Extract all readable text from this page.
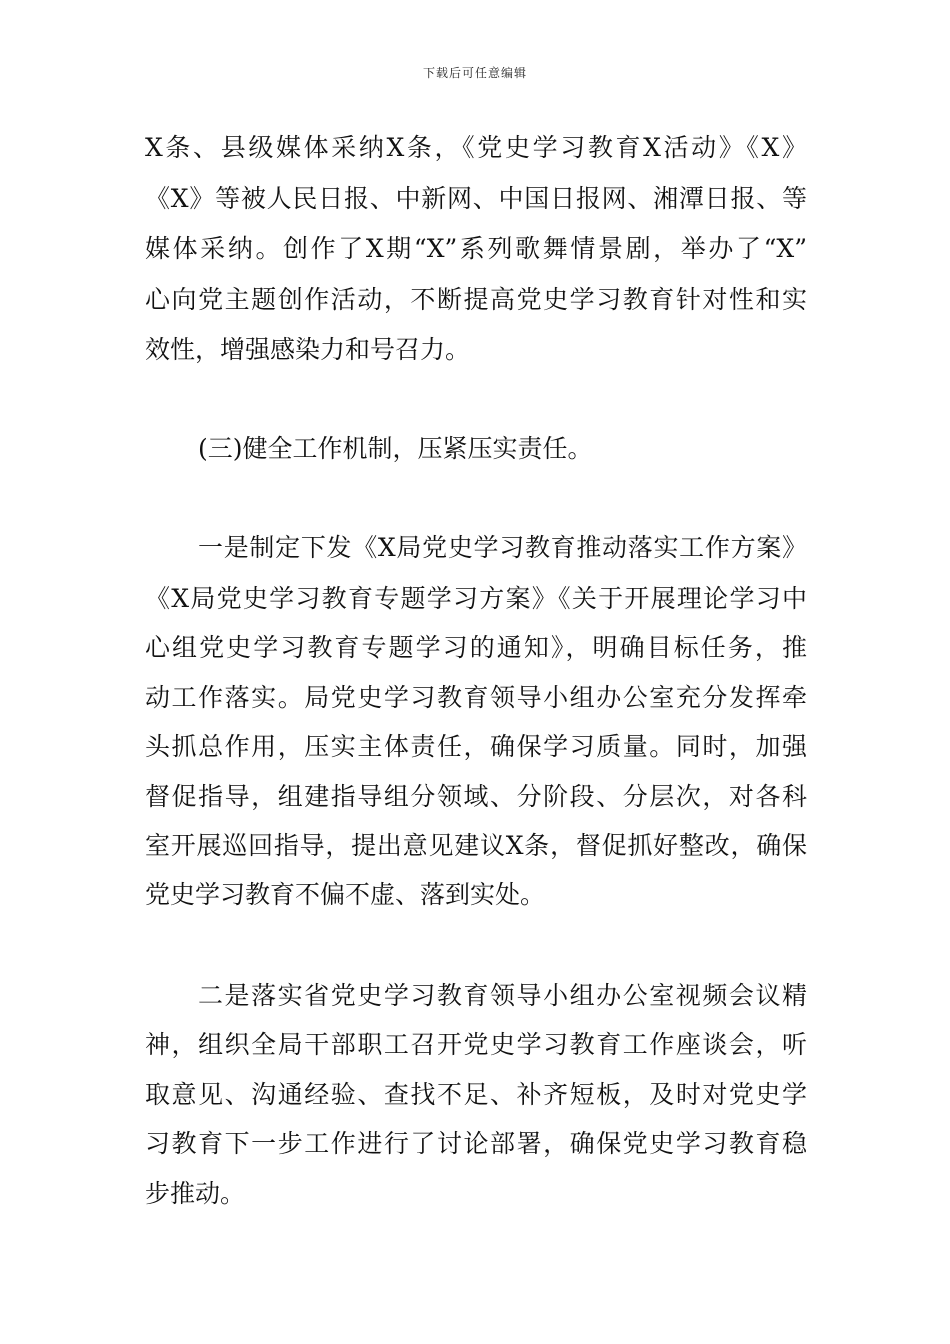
下载后可任意编辑
X条、县级媒体采纳X条，《党史学习教育X活动》《X》
《X》等被人民日报、中新网、中国日报网、湘潭日报、等
媒体采纳。创作了X期“X”系列歌舞情景剧，举办了“X”
心向党主题创作活动，不断提高党史学习教育针对性和实
效性，增强感染力和号召力。
(三)健全工作机制，压紧压实责任。
一是制定下发《X局党史学习教育推动落实工作方案》
《X局党史学习教育专题学习方案》《关于开展理论学习中
心组党史学习教育专题学习的通知》，明确目标任务，推
动工作落实。局党史学习教育领导小组办公室充分发挥牵
头抓总作用，压实主体责任，确保学习质量。同时，加强
督促指导，组建指导组分领域、分阶段、分层次，对各科
室开展巡回指导，提出意见建议X条，督促抓好整改，确保
党史学习教育不偏不虚、落到实处。
二是落实省党史学习教育领导小组办公室视频会议精
神，组织全局干部职工召开党史学习教育工作座谈会，听
取意见、沟通经验、查找不足、补齐短板，及时对党史学
习教育下一步工作进行了讨论部署，确保党史学习教育稳
步推动。
